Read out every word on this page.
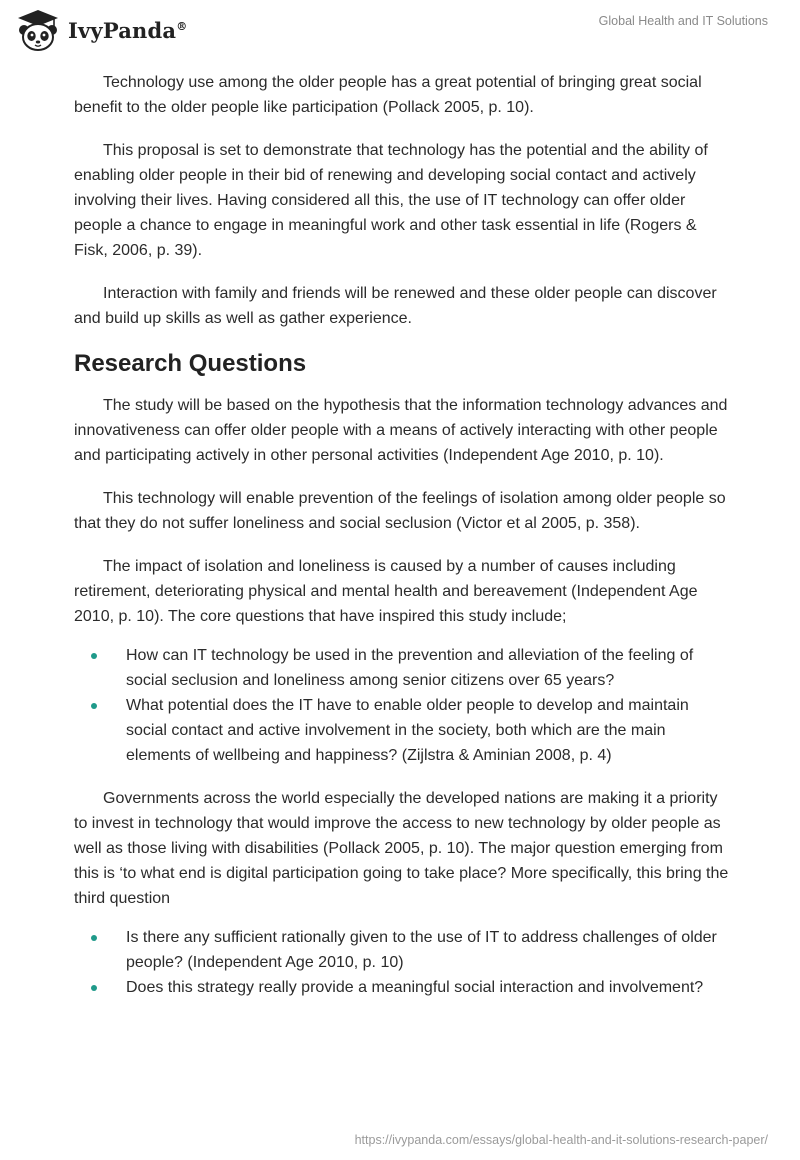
IvyPanda®	Global Health and IT Solutions

Technology use among the older people has a great potential of bringing great social benefit to the older people like participation (Pollack 2005, p. 10).

This proposal is set to demonstrate that technology has the potential and the ability of enabling older people in their bid of renewing and developing social contact and actively involving their lives. Having considered all this, the use of IT technology can offer older people a chance to engage in meaningful work and other task essential in life (Rogers & Fisk, 2006, p. 39).

Interaction with family and friends will be renewed and these older people can discover and build up skills as well as gather experience.

Research Questions

The study will be based on the hypothesis that the information technology advances and innovativeness can offer older people with a means of actively interacting with other people and participating actively in other personal activities (Independent Age 2010, p. 10).

This technology will enable prevention of the feelings of isolation among older people so that they do not suffer loneliness and social seclusion (Victor et al 2005, p. 358).

The impact of isolation and loneliness is caused by a number of causes including retirement, deteriorating physical and mental health and bereavement (Independent Age 2010, p. 10). The core questions that have inspired this study include;

How can IT technology be used in the prevention and alleviation of the feeling of social seclusion and loneliness among senior citizens over 65 years?
What potential does the IT have to enable older people to develop and maintain social contact and active involvement in the society, both which are the main elements of wellbeing and happiness? (Zijlstra & Aminian 2008, p. 4)

Governments across the world especially the developed nations are making it a priority to invest in technology that would improve the access to new technology by older people as well as those living with disabilities (Pollack 2005, p. 10). The major question emerging from this is ‘to what end is digital participation going to take place? More specifically, this bring the third question

Is there any sufficient rationally given to the use of IT to address challenges of older people? (Independent Age 2010, p. 10)
Does this strategy really provide a meaningful social interaction and involvement?
https://ivypanda.com/essays/global-health-and-it-solutions-research-paper/
